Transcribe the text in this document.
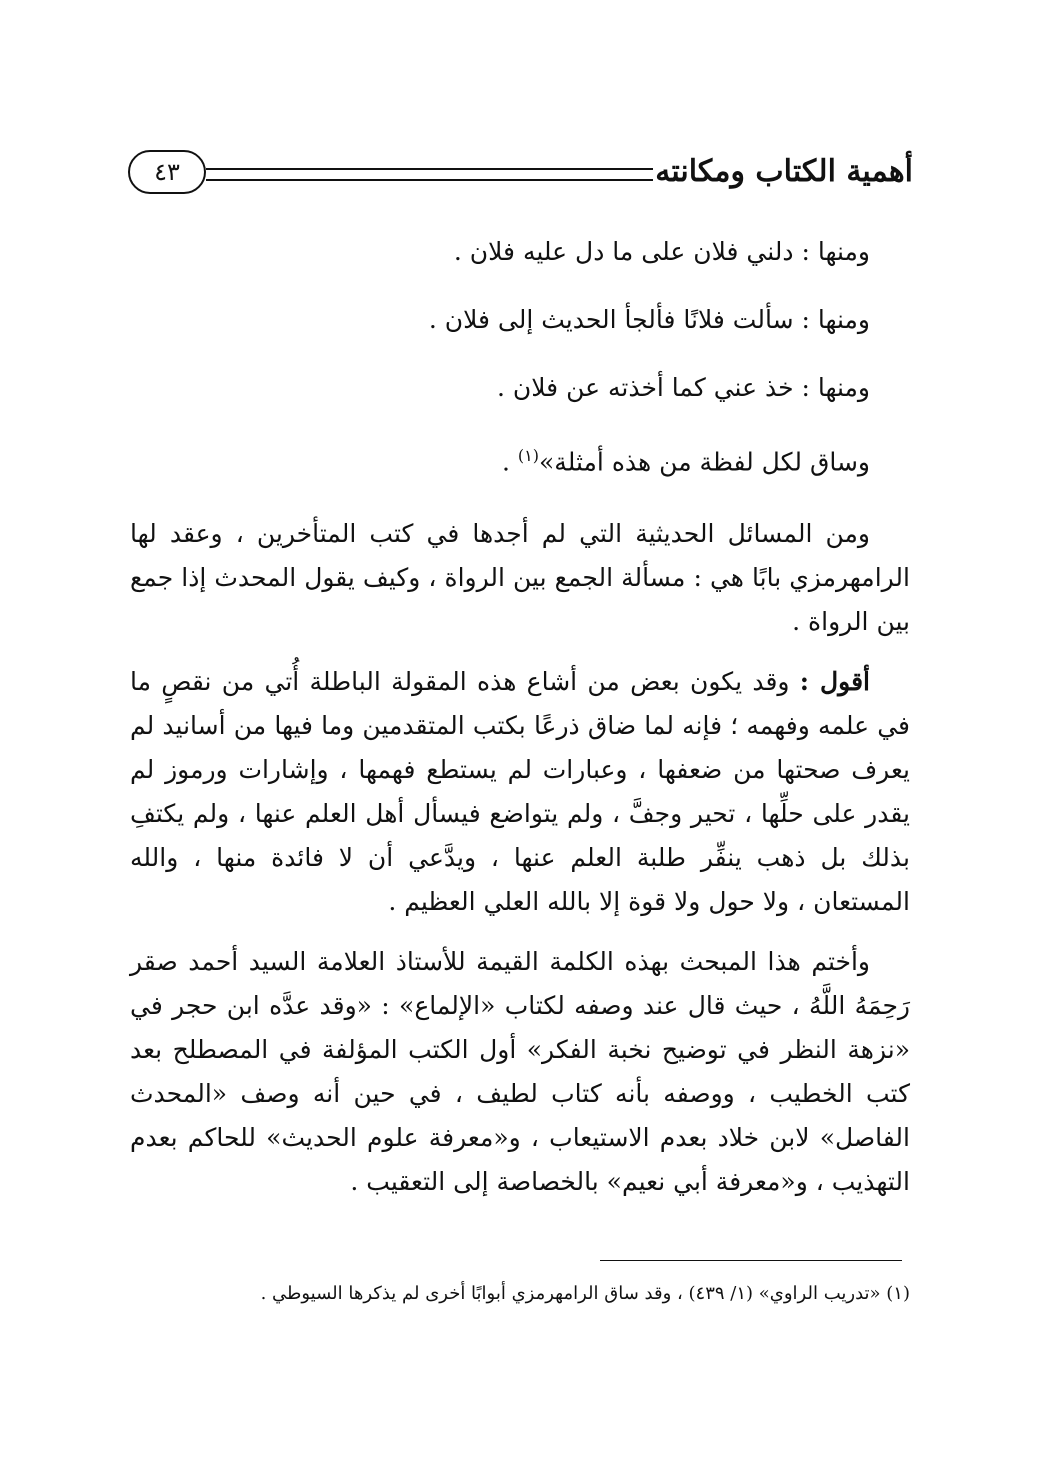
أهمية الكتاب ومكانته
٤٣

ومنها : دلني فلان على ما دل عليه فلان .

ومنها : سألت فلانًا فألجأ الحديث إلى فلان .

ومنها : خذ عني كما أخذته عن فلان .

وساق لكل لفظة من هذه أمثلة»$^{(١)}$ .

ومن المسائل الحديثية التي لم أجدها في كتب المتأخرين ، وعقد لها الرامهرمزي بابًا هي : مسألة الجمع بين الرواة ، وكيف يقول المحدث إذا جمع بين الرواة .

أقول : وقد يكون بعض من أشاع هذه المقولة الباطلة أُتي من نقصٍ ما في علمه وفهمه ؛ فإنه لما ضاق ذرعًا بكتب المتقدمين وما فيها من أسانيد لم يعرف صحتها من ضعفها ، وعبارات لم يستطع فهمها ، وإشارات ورموز لم يقدر على حلِّها ، تحير وجفَّ ، ولم يتواضع فيسأل أهل العلم عنها ، ولم يكتفِ بذلك بل ذهب ينفِّر طلبة العلم عنها ، ويدَّعي أن لا فائدة منها ، والله المستعان ، ولا حول ولا قوة إلا بالله العلي العظيم .

وأختم هذا المبحث بهذه الكلمة القيمة للأستاذ العلامة السيد أحمد صقر رَحِمَهُ اللَّهُ ، حيث قال عند وصفه لكتاب «الإلماع» : «وقد عدَّه ابن حجر في «نزهة النظر في توضيح نخبة الفكر» أول الكتب المؤلفة في المصطلح بعد كتب الخطيب ، ووصفه بأنه كتاب لطيف ، في حين أنه وصف «المحدث الفاصل» لابن خلاد بعدم الاستيعاب ، و«معرفة علوم الحديث» للحاكم بعدم التهذيب ، و«معرفة أبي نعيم» بالخصاصة إلى التعقيب .

(١) «تدريب الراوي» (١/ ٤٣٩) ، وقد ساق الرامهرمزي أبوابًا أخرى لم يذكرها السيوطي .
